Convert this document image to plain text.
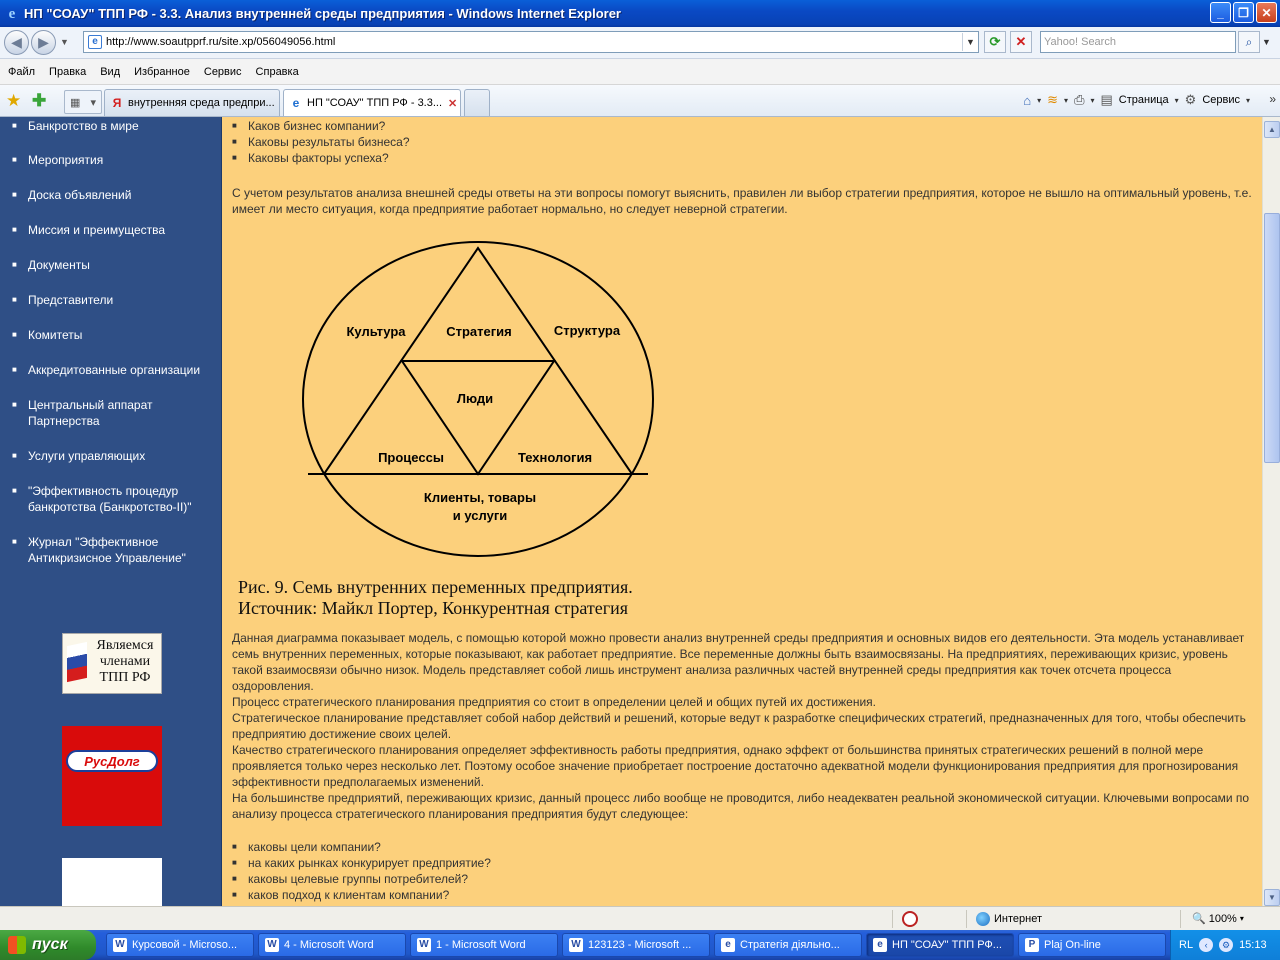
e НП "СОАУ" ТПП РФ - 3.3. Анализ внутренней среды предприятия - Windows Internet Explorer	_	❐	✕
◀ ▶ ▼	e http://www.soautpprf.ru/site.xp/056049056.html	▼	⟳	✕	Yahoo! Search	⌕	▼
Файл Правка Вид Избранное Сервис Справка
★ ✚ ▦ ▾ Я внутренняя среда предпри...	e НП "СОАУ" ТПП РФ - 3.3... ✕	⌂ ▾ ≋ ▾ ⎙ ▾ ▤ Страница ▾ ⚙ Сервис ▾ »
■ Банкротство в мире
■ Мероприятия
■ Доска объявлений
■ Миссия и преимущества
■ Документы
■ Представители
■ Комитеты
■ Аккредитованные организации
■ Центральный аппарат Партнерства
■ Услуги управляющих
■ "Эффективность процедур банкротства (Банкротство-II)"
■ Журнал "Эффективное Антикризисное Управление"
Являемся членами ТПП РФ
РусДолг
■ Каков бизнес компании?
■ Каковы результаты бизнеса?
■ Каковы факторы успеха?
С учетом результатов анализа внешней среды ответы на эти вопросы помогут выяснить, правилен ли выбор стратегии предприятия, которое не вышло на оптимальный уровень, т.е. имеет ли место ситуация, когда предприятие работает нормально, но следует неверной стратегии.
Культура	Стратегия	Структура
Люди
Процессы	Технология
Клиенты, товары
и услуги
Рис. 9. Семь внутренних переменных предприятия.
Источник: Майкл Портер, Конкурентная стратегия
Данная диаграмма показывает модель, с помощью которой можно провести анализ внутренней среды предприятия и основных видов его деятельности. Эта модель устанавливает семь внутренних переменных, которые показывают, как работает предприятие. Все переменные должны быть взаимосвязаны. На предприятиях, переживающих кризис, уровень такой взаимосвязи обычно низок. Модель представляет собой лишь инструмент анализа различных частей внутренней среды предприятия как точек отсчета процесса оздоровления.
Процесс стратегического планирования предприятия со стоит в определении целей и общих путей их достижения.
Стратегическое планирование представляет собой набор действий и решений, которые ведут к разработке специфических стратегий, предназначенных для того, чтобы обеспечить предприятию достижение своих целей.
Качество стратегического планирования определяет эффективность работы предприятия, однако эффект от большинства принятых стратегических решений в полной мере проявляется только через несколько лет. Поэтому особое значение приобретает построение достаточно адекватной модели функционирования предприятия для прогнозирования эффективности предполагаемых изменений.
На большинстве предприятий, переживающих кризис, данный процесс либо вообще не проводится, либо неадекватен реальной экономической ситуации. Ключевыми вопросами по анализу процесса стратегического планирования предприятия будут следующее:
■ каковы цели компании?
■ на каких рынках конкурирует предприятие?
■ каковы целевые группы потребителей?
■ каков подход к клиентам компании?
▲
▼
Интернет	🔍 100% ▾
пуск	W Курсовой - Microso...	W 4 - Microsoft Word	W 1 - Microsoft Word	W 123123 - Microsoft ...	e Стратегія діяльно...	e НП "СОАУ" ТПП РФ...	P Plaj On-line	RL	‹	⚙ 15:13
